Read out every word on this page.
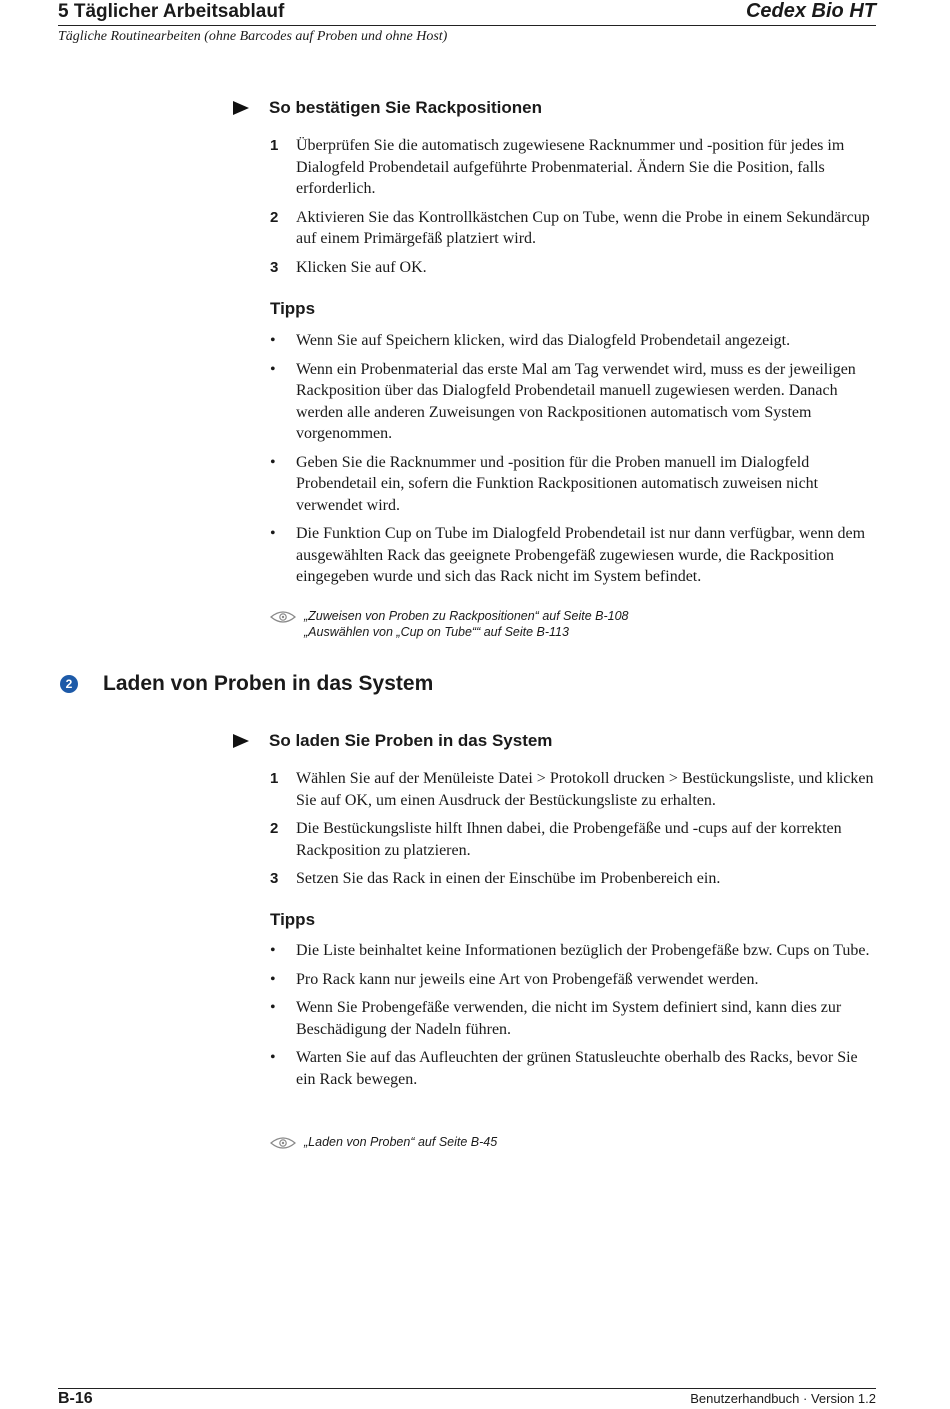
5 Täglicher Arbeitsablauf	Cedex Bio HT
Tägliche Routinearbeiten (ohne Barcodes auf Proben und ohne Host)
So bestätigen Sie Rackpositionen
1	Überprüfen Sie die automatisch zugewiesene Racknummer und -position für jedes im Dialogfeld Probendetail aufgeführte Probenmaterial. Ändern Sie die Position, falls erforderlich.
2	Aktivieren Sie das Kontrollkästchen Cup on Tube, wenn die Probe in einem Sekundärcup auf einem Primärgefäß platziert wird.
3	Klicken Sie auf OK.
Tipps
•	Wenn Sie auf Speichern klicken, wird das Dialogfeld Probendetail angezeigt.
•	Wenn ein Probenmaterial das erste Mal am Tag verwendet wird, muss es der jeweiligen Rackposition über das Dialogfeld Probendetail manuell zugewiesen werden. Danach werden alle anderen Zuweisungen von Rackpositionen automatisch vom System vorgenommen.
•	Geben Sie die Racknummer und -position für die Proben manuell im Dialogfeld Probendetail ein, sofern die Funktion Rackpositionen automatisch zuweisen nicht verwendet wird.
•	Die Funktion Cup on Tube im Dialogfeld Probendetail ist nur dann verfügbar, wenn dem ausgewählten Rack das geeignete Probengefäß zugewiesen wurde, die Rackposition eingegeben wurde und sich das Rack nicht im System befindet.
„Zuweisen von Proben zu Rackpositionen“ auf Seite B-108
„Auswählen von „Cup on Tube““ auf Seite B-113
2 Laden von Proben in das System
So laden Sie Proben in das System
1	Wählen Sie auf der Menüleiste Datei > Protokoll drucken > Bestückungsliste, und klicken Sie auf OK, um einen Ausdruck der Bestückungsliste zu erhalten.
2	Die Bestückungsliste hilft Ihnen dabei, die Probengefäße und -cups auf der korrekten Rackposition zu platzieren.
3	Setzen Sie das Rack in einen der Einschübe im Probenbereich ein.
Tipps
•	Die Liste beinhaltet keine Informationen bezüglich der Probengefäße bzw. Cups on Tube.
•	Pro Rack kann nur jeweils eine Art von Probengefäß verwendet werden.
•	Wenn Sie Probengefäße verwenden, die nicht im System definiert sind, kann dies zur Beschädigung der Nadeln führen.
•	Warten Sie auf das Aufleuchten der grünen Statusleuchte oberhalb des Racks, bevor Sie ein Rack bewegen.
„Laden von Proben“ auf Seite B-45
B-16	Benutzerhandbuch · Version 1.2
